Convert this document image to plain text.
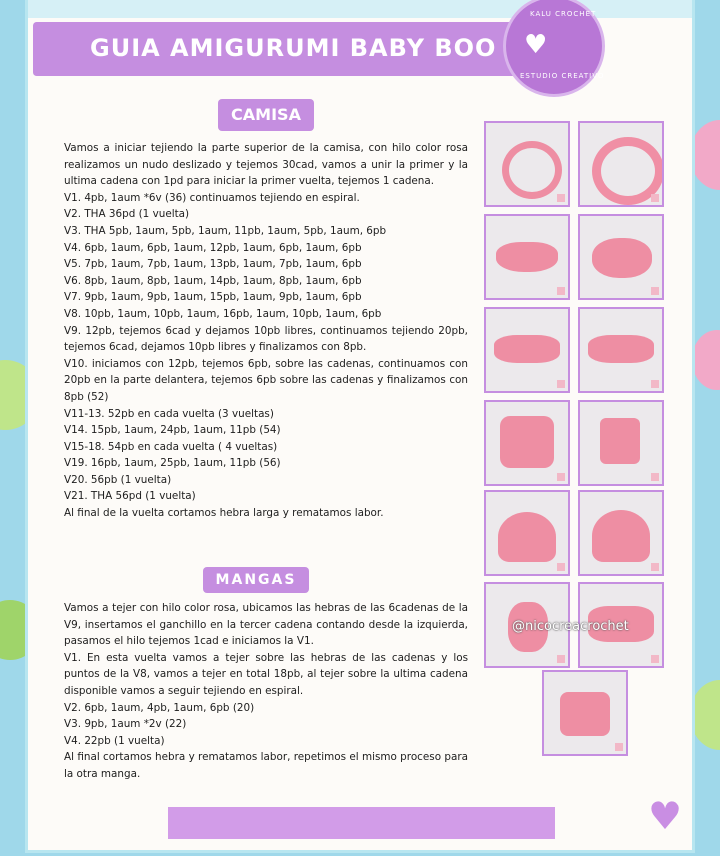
GUIA AMIGURUMI BABY BOO
KALU CROCHET
ESTUDIO CREATIVO
♥
CAMISA

Vamos a iniciar tejiendo la parte superior de la camisa, con hilo color rosa realizamos un nudo deslizado y tejemos 30cad, vamos a unir la primer y la ultima cadena con 1pd para iniciar la primer vuelta, tejemos 1 cadena.

V1. 4pb, 1aum *6v (36) continuamos tejiendo en espiral.

V2. THA 36pd (1 vuelta)

V3. THA 5pb, 1aum, 5pb, 1aum, 11pb, 1aum, 5pb, 1aum, 6pb

V4. 6pb, 1aum, 6pb, 1aum, 12pb, 1aum, 6pb, 1aum, 6pb

V5. 7pb, 1aum, 7pb, 1aum, 13pb, 1aum, 7pb, 1aum, 6pb

V6. 8pb, 1aum, 8pb, 1aum, 14pb, 1aum, 8pb, 1aum, 6pb

V7. 9pb, 1aum, 9pb, 1aum, 15pb, 1aum, 9pb, 1aum, 6pb

V8. 10pb, 1aum, 10pb, 1aum, 16pb, 1aum, 10pb, 1aum, 6pb

V9. 12pb, tejemos 6cad y dejamos 10pb libres, continuamos tejiendo 20pb, tejemos 6cad, dejamos 10pb libres y finalizamos con 8pb.

V10. iniciamos con 12pb, tejemos 6pb, sobre las cadenas, continuamos con 20pb en la parte delantera, tejemos 6pb sobre las cadenas y finalizamos con 8pb (52)

V11-13. 52pb en cada vuelta (3 vueltas)

V14. 15pb, 1aum, 24pb, 1aum, 11pb (54)

V15-18. 54pb en cada vuelta ( 4 vueltas)

V19. 16pb, 1aum, 25pb, 1aum, 11pb (56)

V20. 56pb (1 vuelta)

V21. THA 56pd (1 vuelta)

Al final de la vuelta cortamos hebra larga y rematamos labor.

MANGAS

Vamos a tejer con hilo color rosa, ubicamos las hebras de las 6cadenas de la V9, insertamos el ganchillo en la tercer cadena contando desde la izquierda, pasamos el hilo tejemos 1cad e iniciamos la V1.

V1. En esta vuelta vamos a tejer sobre las hebras de las cadenas y los puntos de la V8, vamos a tejer en total 18pb, al tejer sobre la ultima cadena disponible vamos a seguir tejiendo en espiral.

V2. 6pb, 1aum, 4pb, 1aum, 6pb (20)

V3. 9pb, 1aum *2v (22)

V4. 22pb (1 vuelta)

Al final cortamos hebra y rematamos labor, repetimos el mismo proceso para la otra manga.

@nicocreacrochet
♥
